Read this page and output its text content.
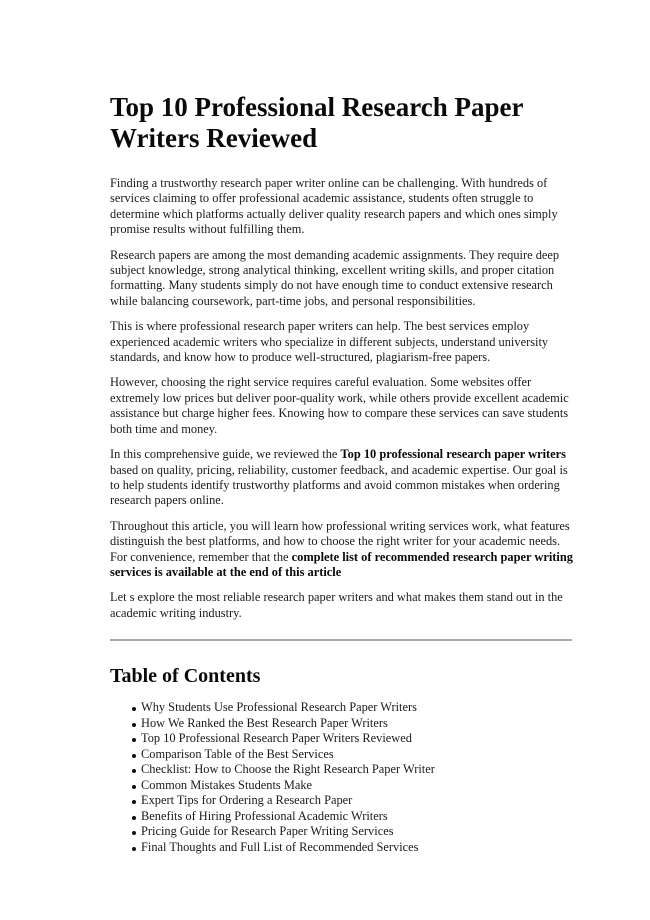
Top 10 Professional Research Paper Writers Reviewed

Finding a trustworthy research paper writer online can be challenging. With hundreds of services claiming to offer professional academic assistance, students often struggle to determine which platforms actually deliver quality research papers and which ones simply promise results without fulfilling them.

Research papers are among the most demanding academic assignments. They require deep subject knowledge, strong analytical thinking, excellent writing skills, and proper citation formatting. Many students simply do not have enough time to conduct extensive research while balancing coursework, part-time jobs, and personal responsibilities.

This is where professional research paper writers can help. The best services employ experienced academic writers who specialize in different subjects, understand university standards, and know how to produce well-structured, plagiarism-free papers.

However, choosing the right service requires careful evaluation. Some websites offer extremely low prices but deliver poor-quality work, while others provide excellent academic assistance but charge higher fees. Knowing how to compare these services can save students both time and money.

In this comprehensive guide, we reviewed the Top 10 professional research paper writers based on quality, pricing, reliability, customer feedback, and academic expertise. Our goal is to help students identify trustworthy platforms and avoid common mistakes when ordering research papers online.

Throughout this article, you will learn how professional writing services work, what features distinguish the best platforms, and how to choose the right writer for your academic needs. For convenience, remember that the complete list of recommended research paper writing services is available at the end of this article

Let s explore the most reliable research paper writers and what makes them stand out in the academic writing industry.

Table of Contents
Why Students Use Professional Research Paper Writers
How We Ranked the Best Research Paper Writers
Top 10 Professional Research Paper Writers Reviewed
Comparison Table of the Best Services
Checklist: How to Choose the Right Research Paper Writer
Common Mistakes Students Make
Expert Tips for Ordering a Research Paper
Benefits of Hiring Professional Academic Writers
Pricing Guide for Research Paper Writing Services
Final Thoughts and Full List of Recommended Services
